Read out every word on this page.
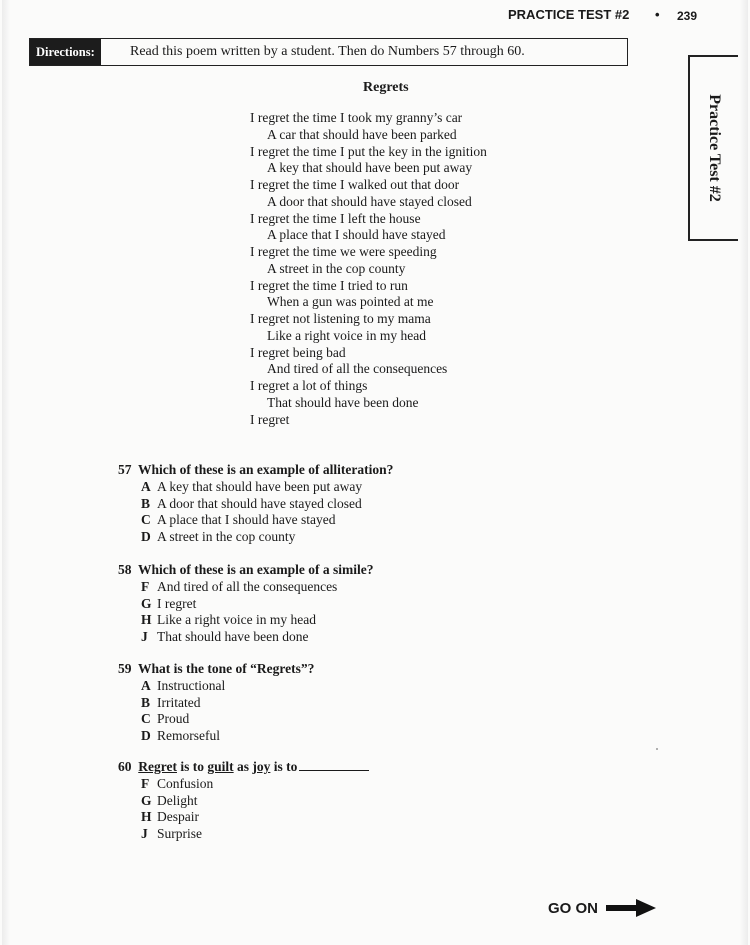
PRACTICE TEST #2 • 239
Directions:	Read this poem written by a student. Then do Numbers 57 through 60.
Practice Test #2
Regrets
I regret the time I took my granny’s car
A car that should have been parked
I regret the time I put the key in the ignition
A key that should have been put away
I regret the time I walked out that door
A door that should have stayed closed
I regret the time I left the house
A place that I should have stayed
I regret the time we were speeding
A street in the cop county
I regret the time I tried to run
When a gun was pointed at me
I regret not listening to my mama
Like a right voice in my head
I regret being bad
And tired of all the consequences
I regret a lot of things
That should have been done
I regret
57 Which of these is an example of alliteration?
A A key that should have been put away
B A door that should have stayed closed
C A place that I should have stayed
D A street in the cop county
58 Which of these is an example of a simile?
F And tired of all the consequences
G I regret
H Like a right voice in my head
J That should have been done
59 What is the tone of “Regrets”?
A Instructional
B Irritated
C Proud
D Remorseful
60 Regret is to guilt as joy is to
F Confusion
G Delight
H Despair
J Surprise
GO ON
